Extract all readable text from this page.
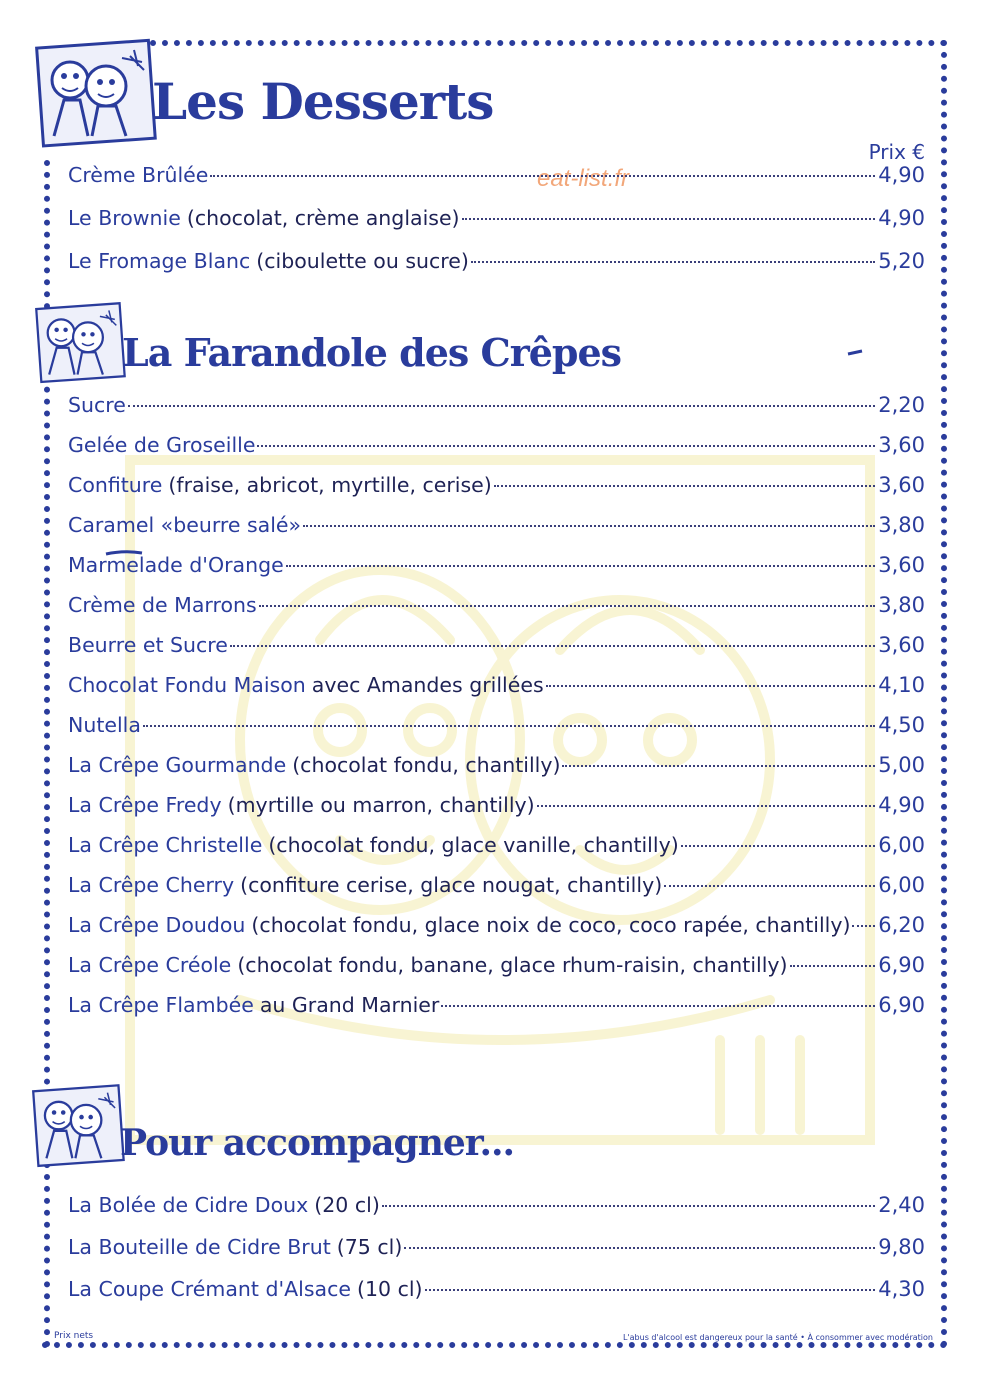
eat-list.fr
Les Desserts
Prix €
Crème Brûlée	4,90
Le Brownie (chocolat, crème anglaise)	4,90
Le Fromage Blanc (ciboulette ou sucre)	5,20
La Farandole des Crêpes
Sucre	2,20
Gelée de Groseille	3,60
Confiture (fraise, abricot, myrtille, cerise)	3,60
Caramel «beurre salé»	3,80
Marmelade d'Orange	3,60
Crème de Marrons	3,80
Beurre et Sucre	3,60
Chocolat Fondu Maison avec Amandes grillées	4,10
Nutella	4,50
La Crêpe Gourmande (chocolat fondu, chantilly)	5,00
La Crêpe Fredy (myrtille ou marron, chantilly)	4,90
La Crêpe Christelle (chocolat fondu, glace vanille, chantilly)	6,00
La Crêpe Cherry (confiture cerise, glace nougat, chantilly)	6,00
La Crêpe Doudou (chocolat fondu, glace noix de coco, coco rapée, chantilly) 6,20
La Crêpe Créole (chocolat fondu, banane, glace rhum-raisin, chantilly)	6,90
La Crêpe Flambée au Grand Marnier	6,90
Pour accompagner...
La Bolée de Cidre Doux (20 cl)	2,40
La Bouteille de Cidre Brut (75 cl)	9,80
La Coupe Crémant d'Alsace (10 cl)	4,30
Prix nets	L'abus d'alcool est dangereux pour la santé • À consommer avec modération
